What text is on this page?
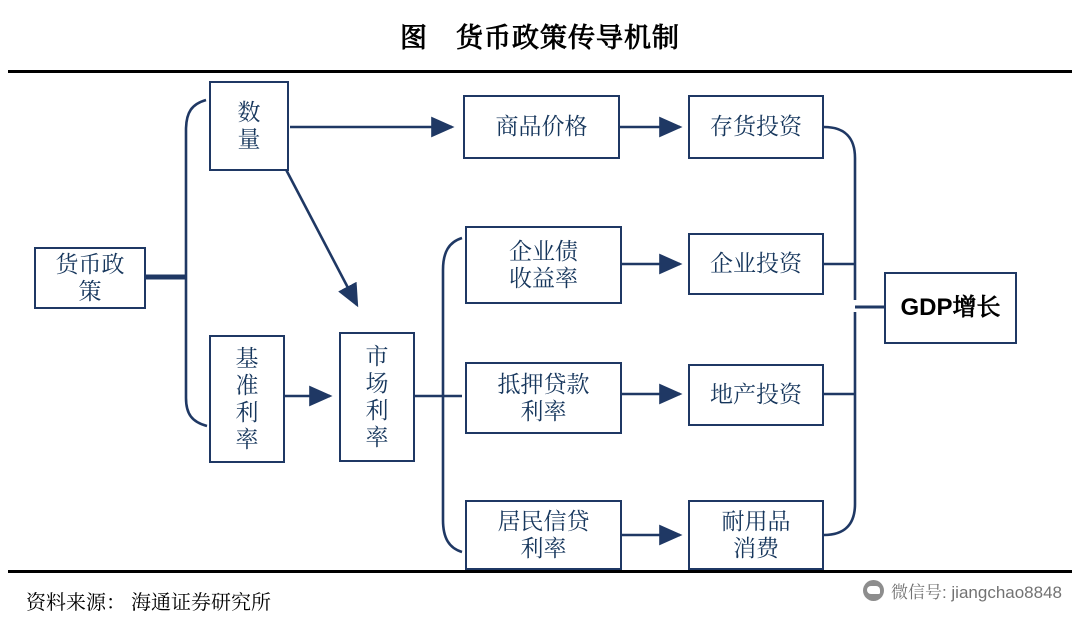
图　货币政策传导机制
货币政
策
数
量
基
准
利
率
市
场
利
率
商品价格	存货投资
企业债
收益率
企业投资
抵押贷款
利率
地产投资
居民信贷
利率
耐用品
消费
GDP增长
资料来源： 海通证券研究所	微信号: jiangchao8848
